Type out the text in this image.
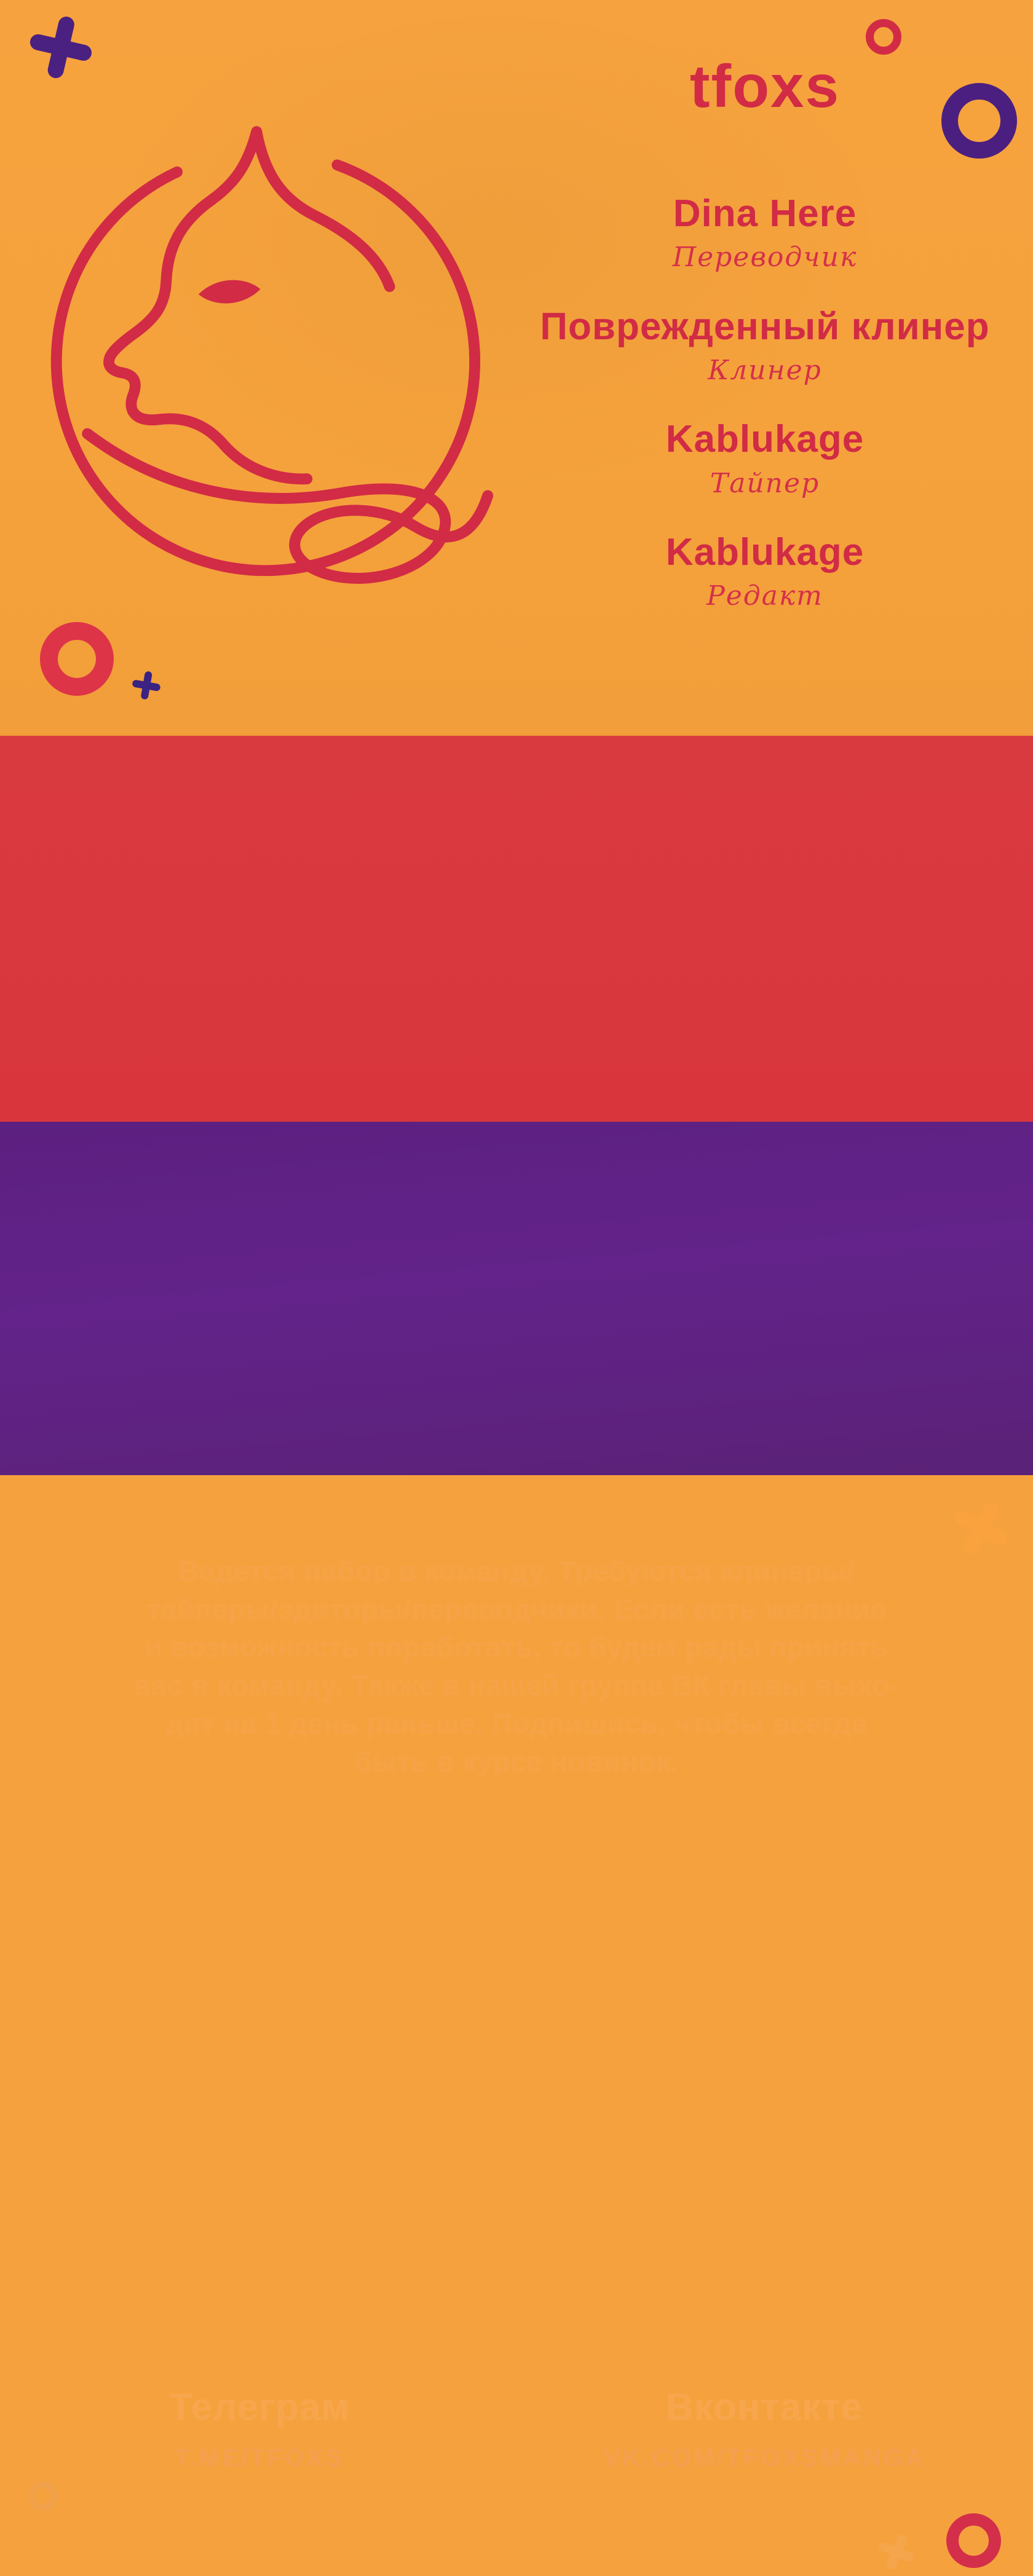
tfoxs
Dina Here
Переводчик
Поврежденный клинер
Клинер
Kablukage
Тайпер
Kablukage
Редакт
Ведется набор в команду. Требуются клинеры/
тайперы/эдиторы/переводчики. Если есть желание
и возможность поработать, то будем рады принять
вас в команду. Также в нашей группе ВК главы выхо-
дят на 1 день раньше. Подпишись, чтобы всегда
быть в курсе новинок.
Телеграм
T.ME/TFOXS
Вконтакте
VK.COM/TFOXSMANGA
